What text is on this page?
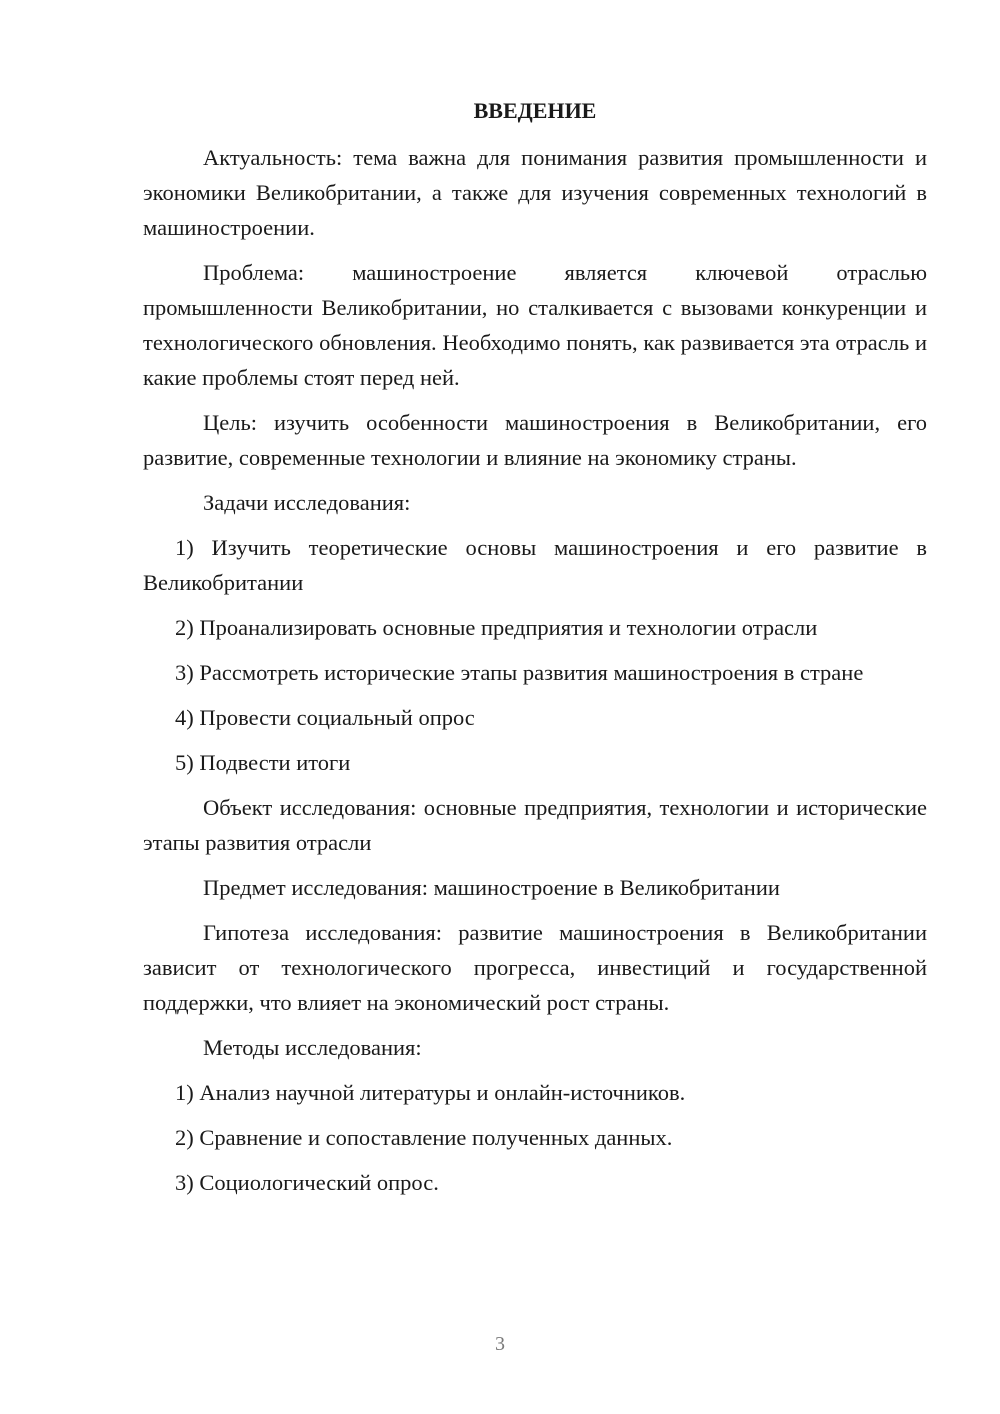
ВВЕДЕНИЕ
Актуальность: тема важна для понимания развития промышленности и экономики Великобритании, а также для изучения современных технологий в машиностроении.
Проблема: машиностроение является ключевой отраслью промышленности Великобритании, но сталкивается с вызовами конкуренции и технологического обновления. Необходимо понять, как развивается эта отрасль и какие проблемы стоят перед ней.
Цель: изучить особенности машиностроения в Великобритании, его развитие, современные технологии и влияние на экономику страны.
Задачи исследования:
1) Изучить теоретические основы машиностроения и его развитие в Великобритании
2) Проанализировать основные предприятия и технологии отрасли
3) Рассмотреть исторические этапы развития машиностроения в стране
4) Провести социальный опрос
5) Подвести итоги
Объект исследования: основные предприятия, технологии и исторические этапы развития отрасли
Предмет исследования: машиностроение в Великобритании
Гипотеза исследования: развитие машиностроения в Великобритании зависит от технологического прогресса, инвестиций и государственной поддержки, что влияет на экономический рост страны.
Методы исследования:
1) Анализ научной литературы и онлайн-источников.
2) Сравнение и сопоставление полученных данных.
3) Социологический опрос.
3
